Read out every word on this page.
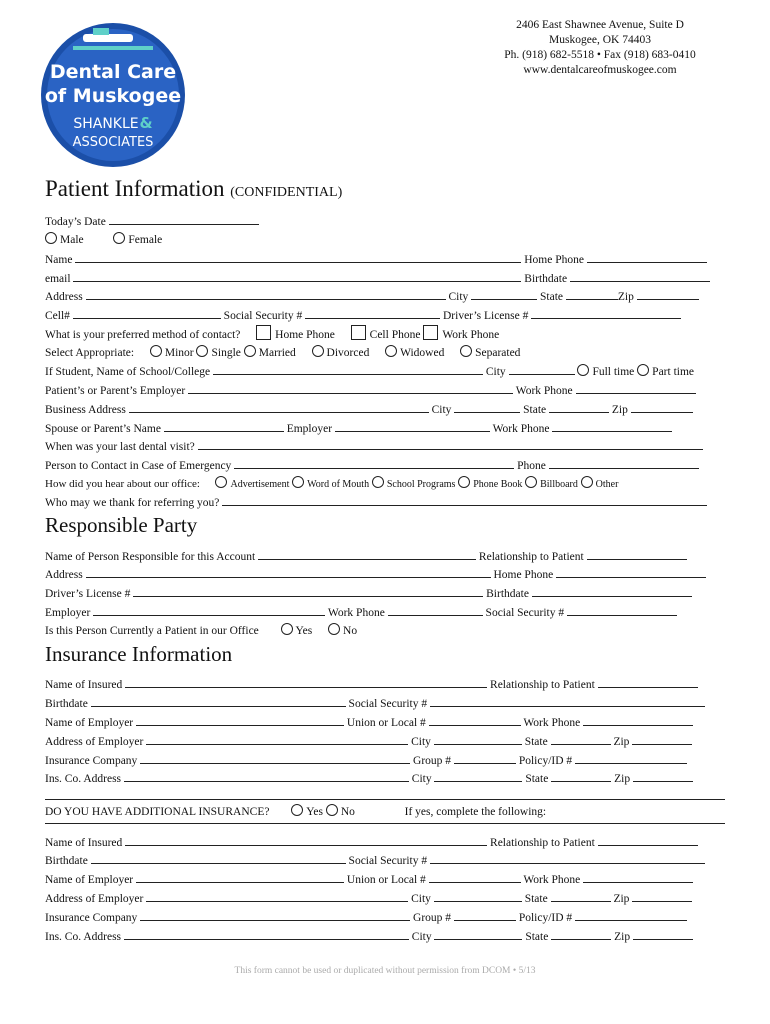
Dental Care
of Muskogee
SHANKLE &
ASSOCIATES
2406 East Shawnee Avenue, Suite D
Muskogee, OK 74403
Ph. (918) 682-5518 • Fax (918) 683-0410
www.dentalcareofmuskogee.com
Patient Information (CONFIDENTIAL)
Today’s Date
Male	Female
Name	Home Phone
email	Birthdate
Address	City	State	Zip
Cell#	Social Security #	Driver’s License #
What is your preferred method of contact?	Home Phone	Cell Phone Work Phone
Select Appropriate:	Minor Single Married	Divorced	Widowed	Separated
If Student, Name of School/College	City	Full time Part time
Patient’s or Parent’s Employer	Work Phone
Business Address	City	State	Zip
Spouse or Parent’s Name	Employer	Work Phone
When was your last dental visit?
Person to Contact in Case of Emergency	Phone
How did you hear about our office:	Advertisement Word of Mouth School Programs Phone Book Billboard Other
Who may we thank for referring you?
Responsible Party
Name of Person Responsible for this Account	Relationship to Patient
Address	Home Phone
Driver’s License #	Birthdate
Employer	Work Phone	Social Security #
Is this Person Currently a Patient in our Office	Yes	No
Insurance Information
Name of Insured	Relationship to Patient
Birthdate	Social Security #
Name of Employer	Union or Local #	Work Phone
Address of Employer	City	State	Zip
Insurance Company	Group #	Policy/ID #
Ins. Co. Address	City	State	Zip
DO YOU HAVE ADDITIONAL INSURANCE?	Yes No	If yes, complete the following:
Name of Insured	Relationship to Patient
Birthdate	Social Security #
Name of Employer	Union or Local #	Work Phone
Address of Employer	City	State	Zip
Insurance Company	Group #	Policy/ID #
Ins. Co. Address	City	State	Zip
This form cannot be used or duplicated without permission from DCOM • 5/13
